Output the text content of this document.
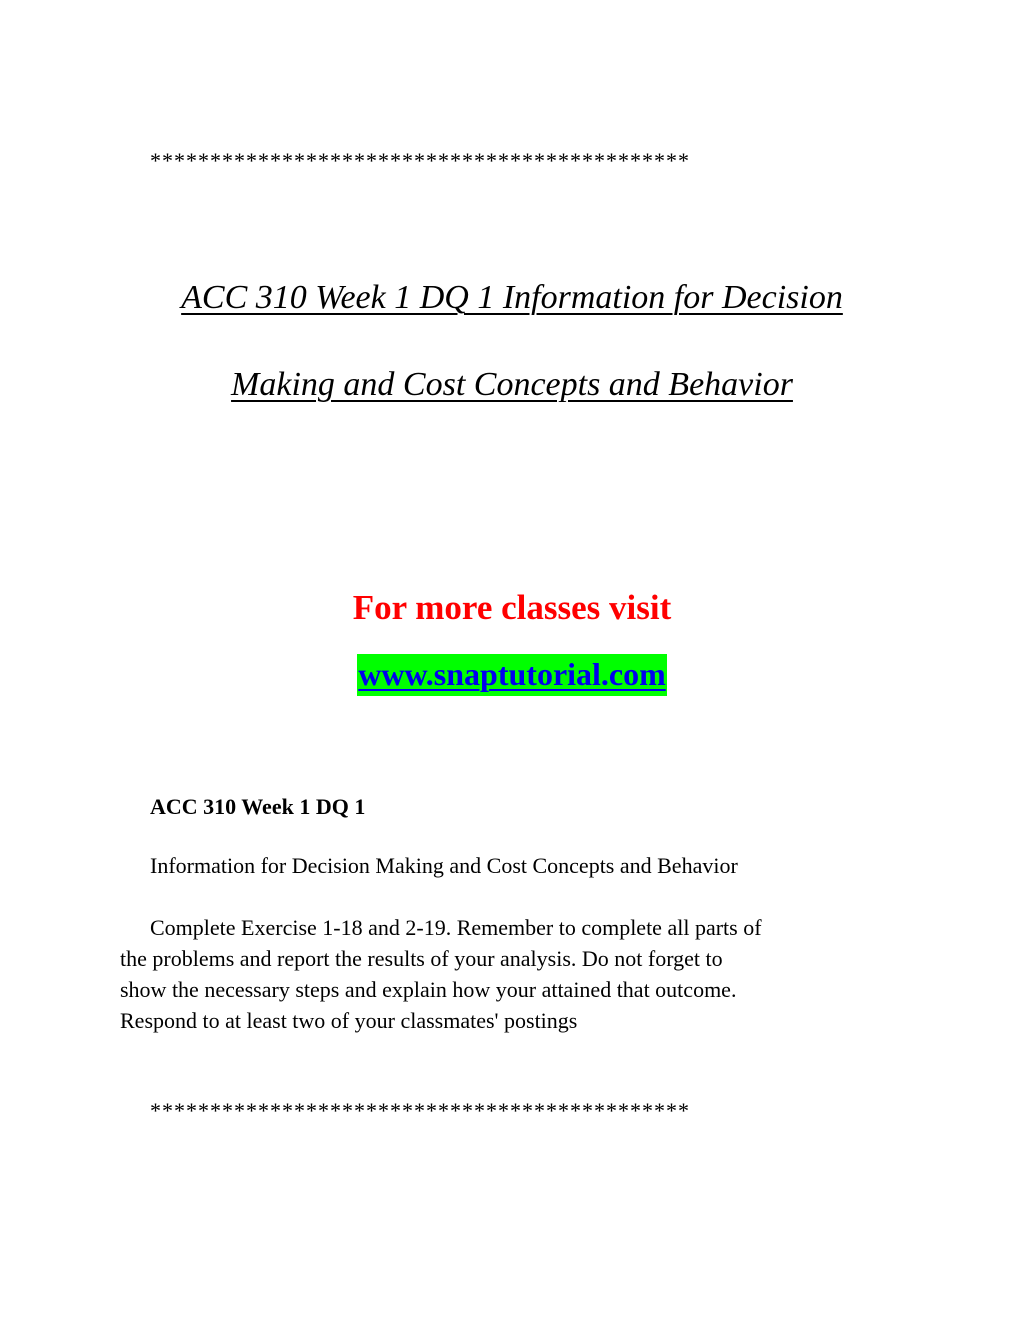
*********************************************
ACC 310 Week 1 DQ 1 Information for Decision
Making and Cost Concepts and Behavior
For more classes visit
www.snaptutorial.com
ACC 310 Week 1 DQ 1
Information for Decision Making and Cost Concepts and Behavior
Complete Exercise 1-18 and 2-19. Remember to complete all parts of
the problems and report the results of your analysis. Do not forget to
show the necessary steps and explain how your attained that outcome.
Respond to at least two of your classmates' postings
*********************************************
